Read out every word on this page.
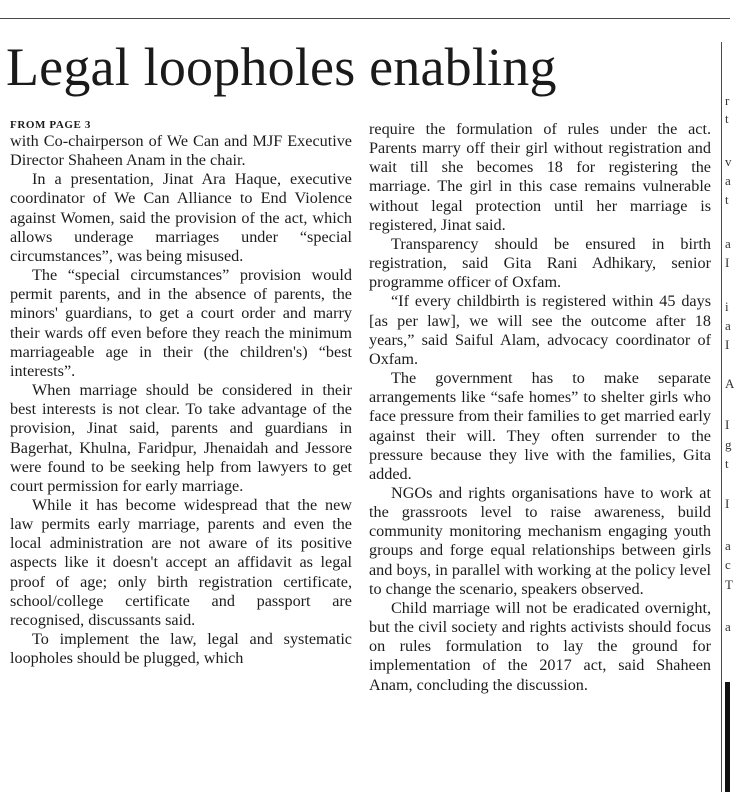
Legal loopholes enabling

FROM PAGE 3

with Co-chairperson of We Can and MJF Executive Director Shaheen Anam in the chair.

In a presentation, Jinat Ara Haque, executive coordinator of We Can Alliance to End Violence against Women, said the provision of the act, which allows underage marriages under “special circumstances”, was being misused.

The “special circumstances” provision would permit parents, and in the absence of parents, the minors' guardians, to get a court order and marry their wards off even before they reach the minimum marriageable age in their (the children's) “best interests”.

When marriage should be considered in their best interests is not clear. To take advantage of the provision, Jinat said, parents and guardians in Bagerhat, Khulna, Faridpur, Jhenaidah and Jessore were found to be seeking help from lawyers to get court permission for early marriage.

While it has become widespread that the new law permits early marriage, parents and even the local administration are not aware of its positive aspects like it doesn't accept an affidavit as legal proof of age; only birth registration certificate, school/college certificate and passport are recognised, discussants said.

To implement the law, legal and systematic loopholes should be plugged, which

require the formulation of rules under the act. Parents marry off their girl without registration and wait till she becomes 18 for registering the marriage. The girl in this case remains vulnerable without legal protection until her marriage is registered, Jinat said.

Transparency should be ensured in birth registration, said Gita Rani Adhikary, senior programme officer of Oxfam.

“If every childbirth is registered within 45 days [as per law], we will see the outcome after 18 years,” said Saiful Alam, advocacy coordinator of Oxfam.

The government has to make separate arrangements like “safe homes” to shelter girls who face pressure from their families to get married early against their will. They often surrender to the pressure because they live with the families, Gita added.

NGOs and rights organisations have to work at the grassroots level to raise awareness, build community monitoring mechanism engaging youth groups and forge equal relationships between girls and boys, in parallel with working at the policy level to change the scenario, speakers observed.

Child marriage will not be eradicated overnight, but the civil society and rights activists should focus on rules formulation to lay the ground for implementation of the 2017 act, said Shaheen Anam, concluding the discussion.

r
t
v
a
t
a
I
i
a
I
A
I
g
t
I
a
c
T
a
